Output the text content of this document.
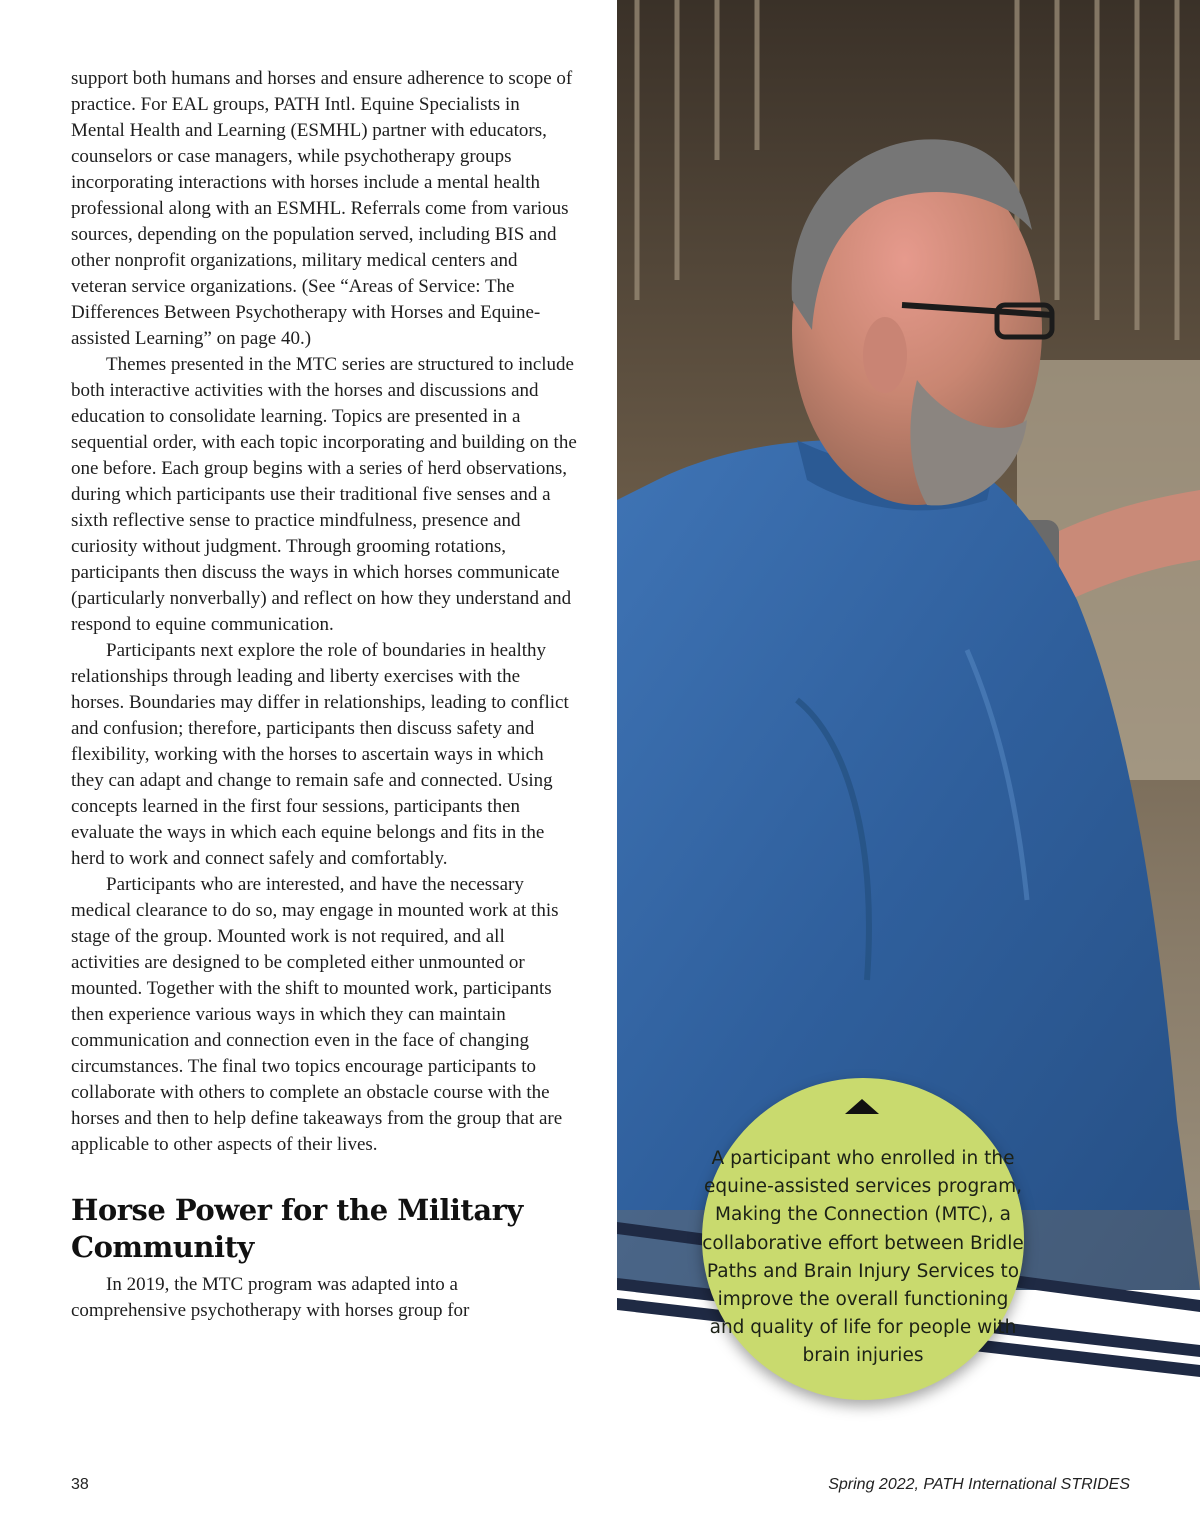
support both humans and horses and ensure adherence to scope of practice. For EAL groups, PATH Intl. Equine Specialists in Mental Health and Learning (ESMHL) partner with educators, counselors or case managers, while psychotherapy groups incorporating interactions with horses include a mental health professional along with an ESMHL. Referrals come from various sources, depending on the population served, including BIS and other nonprofit organizations, military medical centers and veteran service organizations. (See “Areas of Service: The Differences Between Psychotherapy with Horses and Equine-assisted Learning” on page 40.)

Themes presented in the MTC series are structured to include both interactive activities with the horses and discussions and education to consolidate learning. Topics are presented in a sequential order, with each topic incorporating and building on the one before. Each group begins with a series of herd observations, during which participants use their traditional five senses and a sixth reflective sense to practice mindfulness, presence and curiosity without judgment. Through grooming rotations, participants then discuss the ways in which horses communicate (particularly nonverbally) and reflect on how they understand and respond to equine communication.

Participants next explore the role of boundaries in healthy relationships through leading and liberty exercises with the horses. Boundaries may differ in relationships, leading to conflict and confusion; therefore, participants then discuss safety and flexibility, working with the horses to ascertain ways in which they can adapt and change to remain safe and connected. Using concepts learned in the first four sessions, participants then evaluate the ways in which each equine belongs and fits in the herd to work and connect safely and comfortably.

Participants who are interested, and have the necessary medical clearance to do so, may engage in mounted work at this stage of the group. Mounted work is not required, and all activities are designed to be completed either unmounted or mounted. Together with the shift to mounted work, participants then experience various ways in which they can maintain communication and connection even in the face of changing circumstances. The final two topics encourage participants to collaborate with others to complete an obstacle course with the horses and then to help define takeaways from the group that are applicable to other aspects of their lives.

Horse Power for the Military Community

In 2019, the MTC program was adapted into a comprehensive psychotherapy with horses group for

A participant who enrolled in the equine-assisted services program, Making the Connection (MTC), a collaborative effort between Bridle Paths and Brain Injury Services to improve the overall functioning and quality of life for people with brain injuries
38	Spring 2022, PATH International STRIDES
